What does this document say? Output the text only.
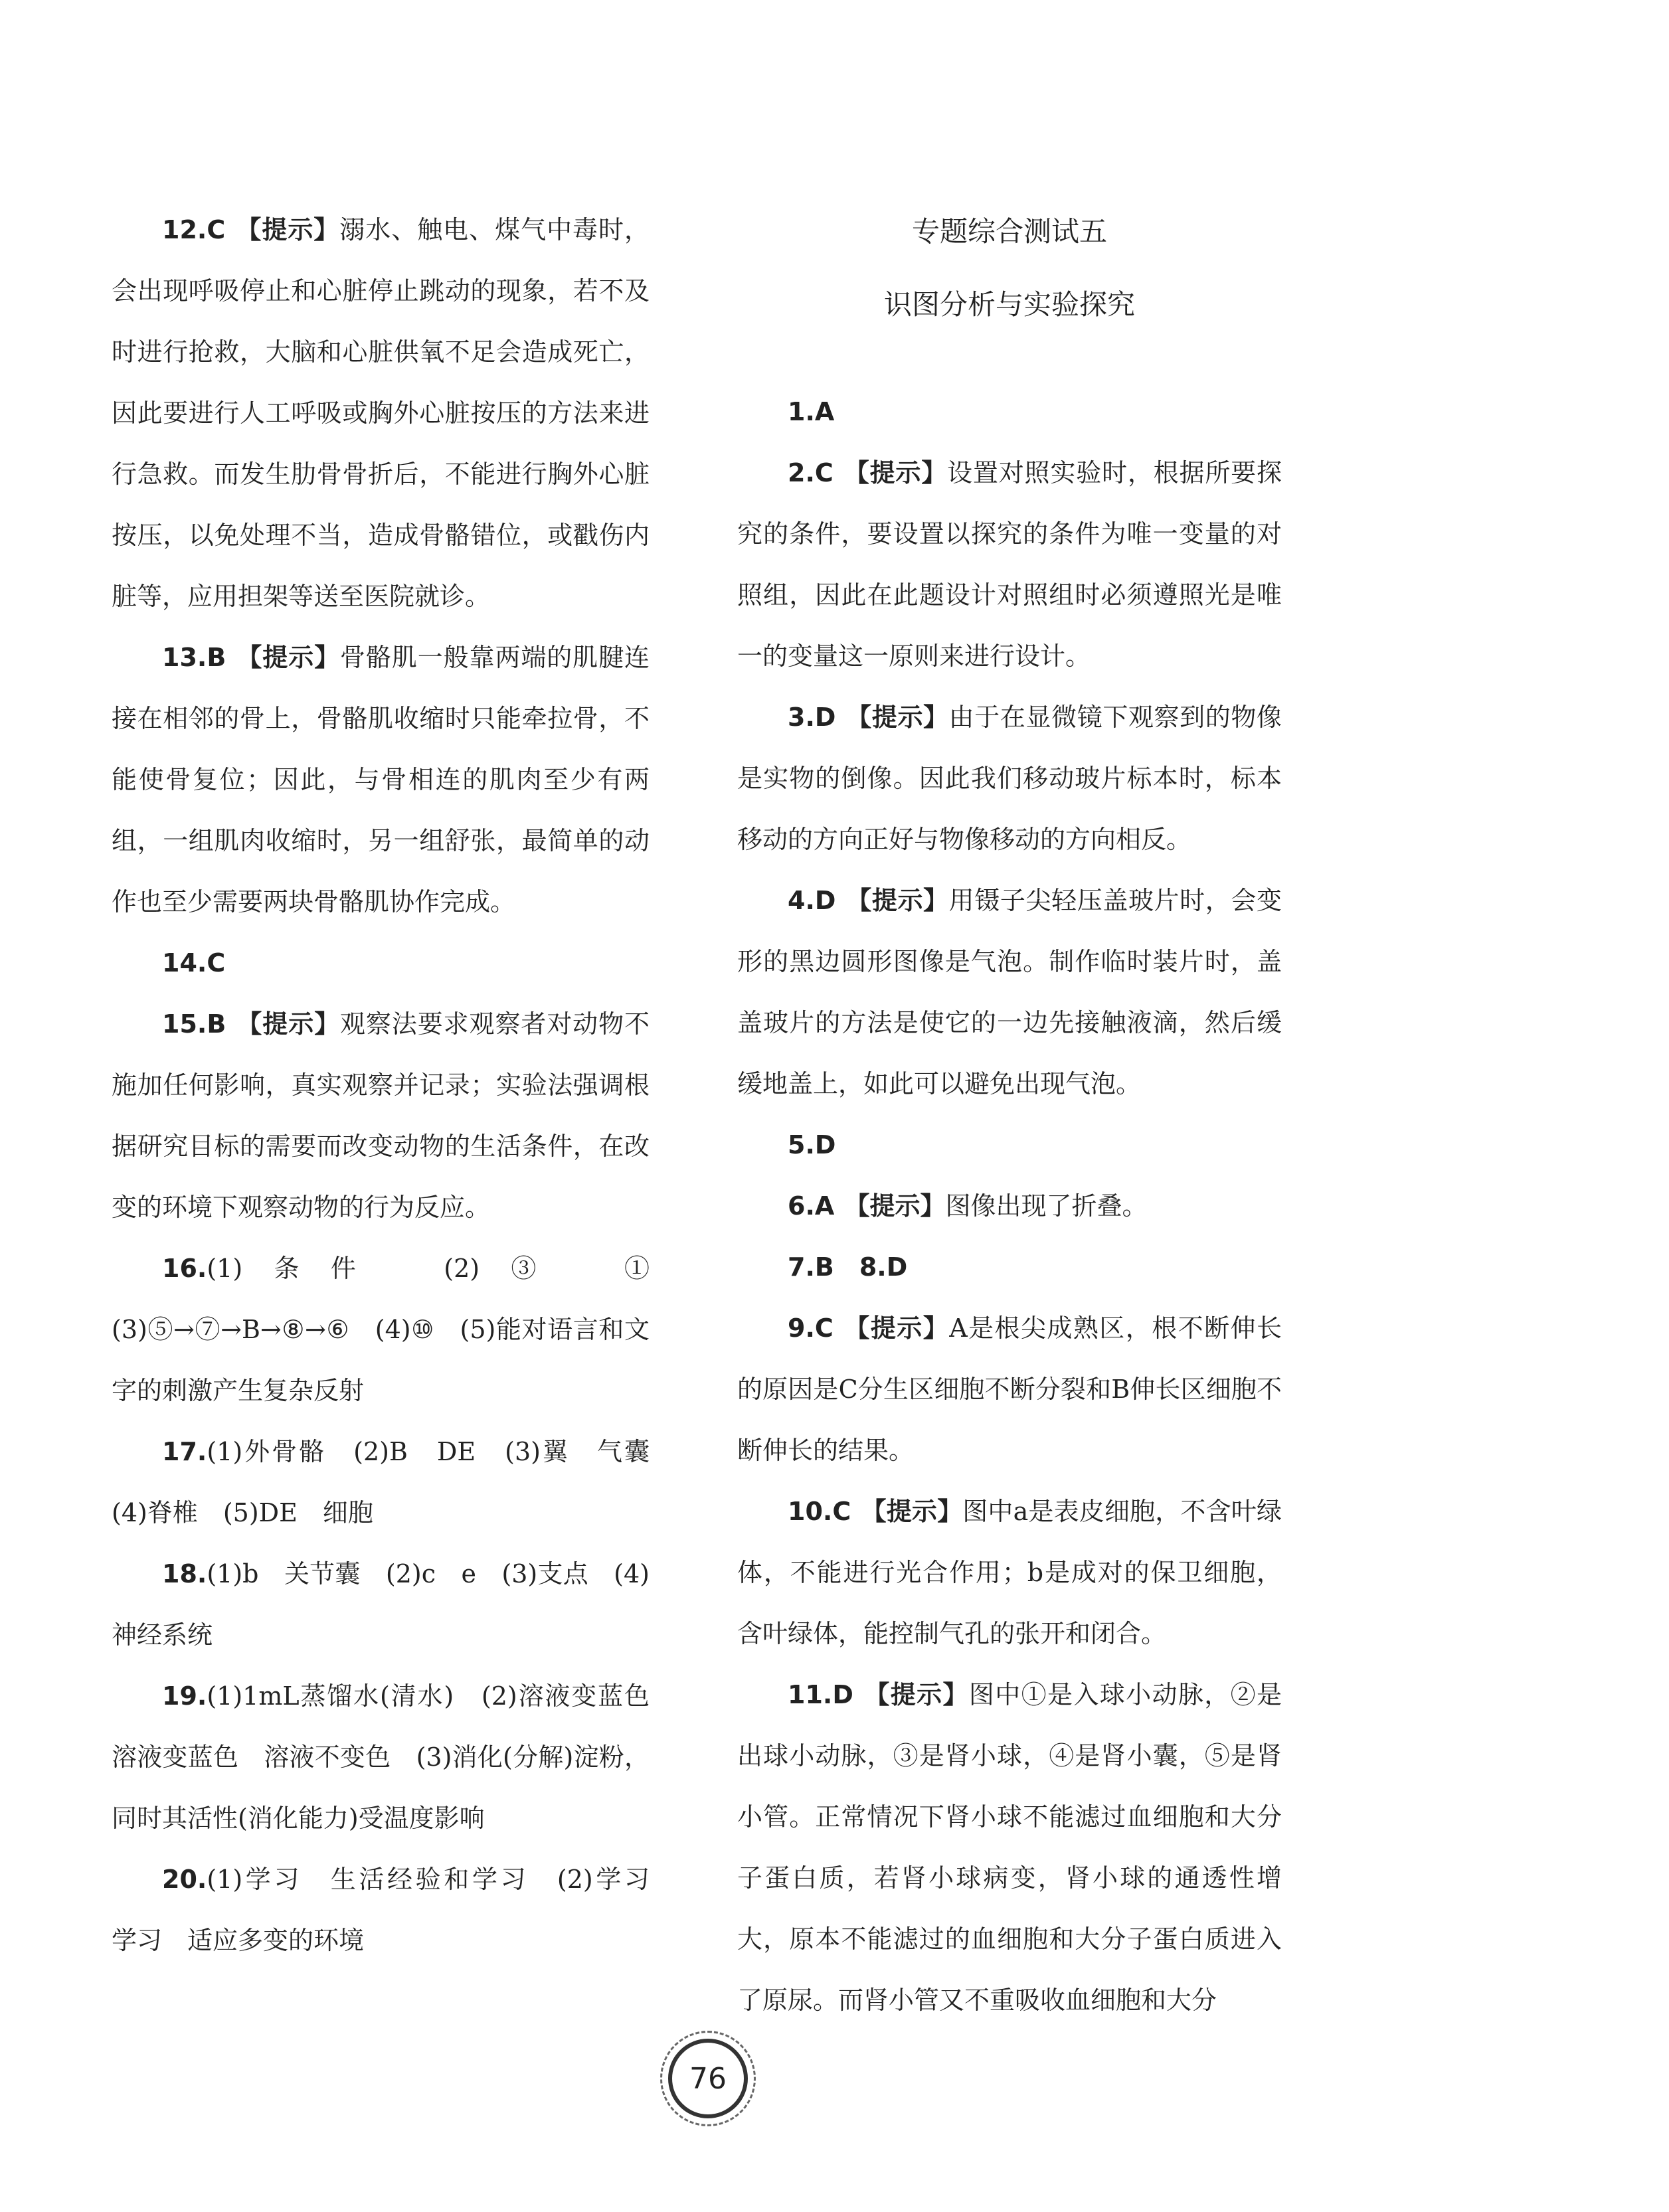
12.C 【提示】溺水、触电、煤气中毒时，会出现呼吸停止和心脏停止跳动的现象，若不及时进行抢救，大脑和心脏供氧不足会造成死亡，因此要进行人工呼吸或胸外心脏按压的方法来进行急救。而发生肋骨骨折后，不能进行胸外心脏按压，以免处理不当，造成骨骼错位，或戳伤内脏等，应用担架等送至医院就诊。

13.B 【提示】骨骼肌一般靠两端的肌腱连接在相邻的骨上，骨骼肌收缩时只能牵拉骨，不能使骨复位；因此，与骨相连的肌肉至少有两组，一组肌肉收缩时，另一组舒张，最简单的动作也至少需要两块骨骼肌协作完成。

14.C

15.B 【提示】观察法要求观察者对动物不施加任何影响，真实观察并记录；实验法强调根据研究目标的需要而改变动物的生活条件，在改变的环境下观察动物的行为反应。

16.(1)条件　(2)③　①　(3)⑤→⑦→B→⑧→⑥　(4)⑩　(5)能对语言和文字的刺激产生复杂反射

17.(1)外骨骼　(2)B　DE　(3)翼　气囊　(4)脊椎　(5)DE　细胞

18.(1)b　关节囊　(2)c　e　(3)支点　(4)神经系统

19.(1)1mL蒸馏水(清水)　(2)溶液变蓝色　溶液变蓝色　溶液不变色　(3)消化(分解)淀粉，同时其活性(消化能力)受温度影响

20.(1)学习　生活经验和学习　(2)学习　学习　适应多变的环境

专题综合测试五
识图分析与实验探究

1.A

2.C 【提示】设置对照实验时，根据所要探究的条件，要设置以探究的条件为唯一变量的对照组，因此在此题设计对照组时必须遵照光是唯一的变量这一原则来进行设计。

3.D 【提示】由于在显微镜下观察到的物像是实物的倒像。因此我们移动玻片标本时，标本移动的方向正好与物像移动的方向相反。

4.D 【提示】用镊子尖轻压盖玻片时，会变形的黑边圆形图像是气泡。制作临时装片时，盖盖玻片的方法是使它的一边先接触液滴，然后缓缓地盖上，如此可以避免出现气泡。

5.D

6.A 【提示】图像出现了折叠。

7.B　8.D

9.C 【提示】A是根尖成熟区，根不断伸长的原因是C分生区细胞不断分裂和B伸长区细胞不断伸长的结果。

10.C 【提示】图中a是表皮细胞，不含叶绿体，不能进行光合作用；b是成对的保卫细胞，含叶绿体，能控制气孔的张开和闭合。

11.D 【提示】图中①是入球小动脉，②是出球小动脉，③是肾小球，④是肾小囊，⑤是肾小管。正常情况下肾小球不能滤过血细胞和大分子蛋白质，若肾小球病变，肾小球的通透性增大，原本不能滤过的血细胞和大分子蛋白质进入了原尿。而肾小管又不重吸收血细胞和大分

76
